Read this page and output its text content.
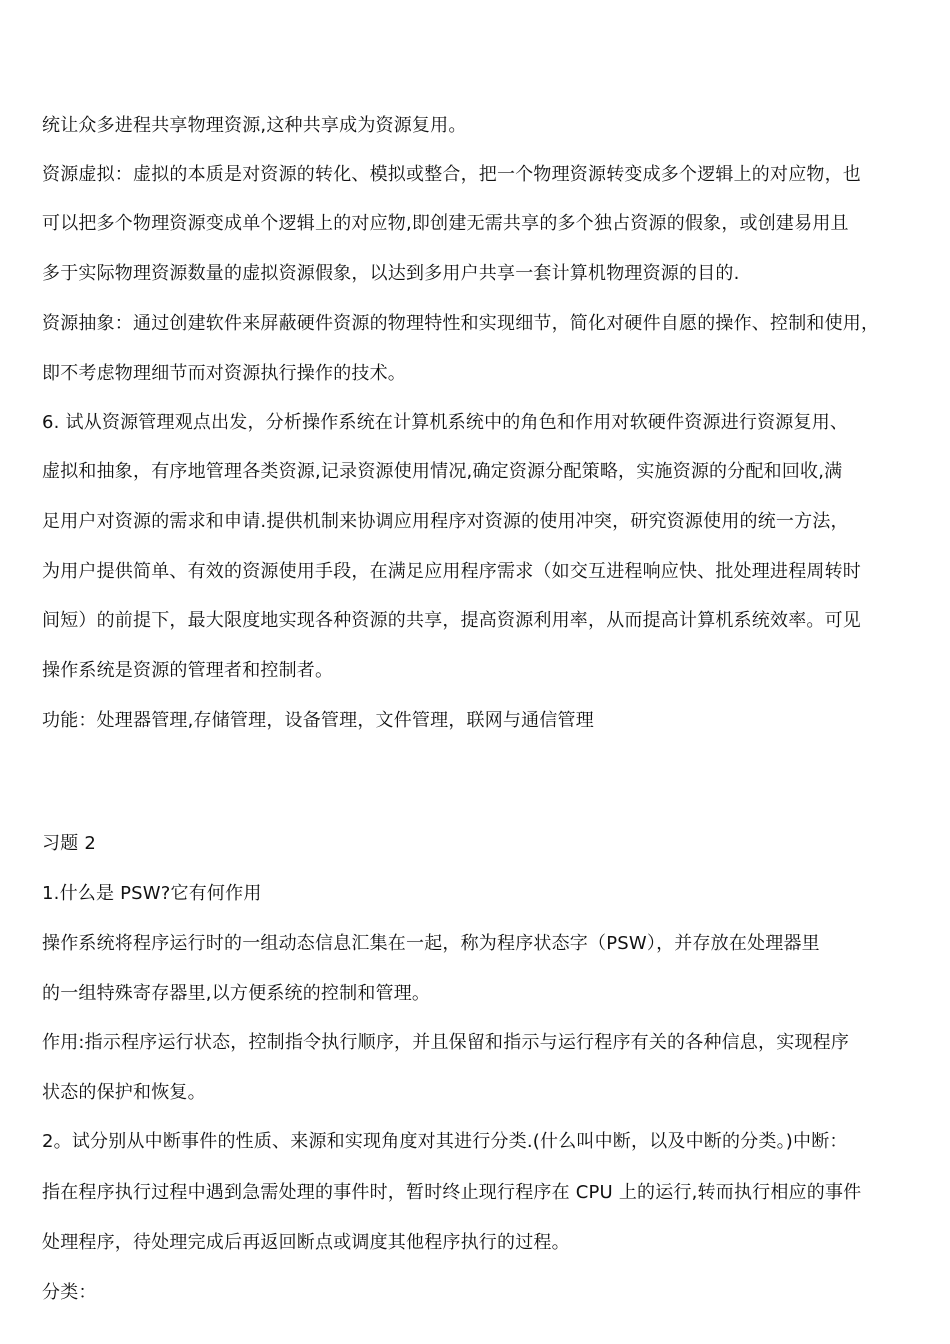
统让众多进程共享物理资源,这种共享成为资源复用。
资源虚拟：虚拟的本质是对资源的转化、模拟或整合，把一个物理资源转变成多个逻辑上的对应物，也
可以把多个物理资源变成单个逻辑上的对应物,即创建无需共享的多个独占资源的假象，或创建易用且
多于实际物理资源数量的虚拟资源假象，以达到多用户共享一套计算机物理资源的目的.
资源抽象：通过创建软件来屏蔽硬件资源的物理特性和实现细节，简化对硬件自愿的操作、控制和使用，
即不考虑物理细节而对资源执行操作的技术。
6. 试从资源管理观点出发，分析操作系统在计算机系统中的角色和作用对软硬件资源进行资源复用、
虚拟和抽象，有序地管理各类资源,记录资源使用情况,确定资源分配策略，实施资源的分配和回收,满
足用户对资源的需求和申请.提供机制来协调应用程序对资源的使用冲突，研究资源使用的统一方法，
为用户提供简单、有效的资源使用手段，在满足应用程序需求（如交互进程响应快、批处理进程周转时
间短）的前提下，最大限度地实现各种资源的共享，提高资源利用率，从而提高计算机系统效率。可见
操作系统是资源的管理者和控制者。
功能：处理器管理,存储管理，设备管理，文件管理，联网与通信管理
习题 2
1.什么是 PSW?它有何作用
操作系统将程序运行时的一组动态信息汇集在一起，称为程序状态字（PSW），并存放在处理器里
的一组特殊寄存器里,以方便系统的控制和管理。
作用:指示程序运行状态，控制指令执行顺序，并且保留和指示与运行程序有关的各种信息，实现程序
状态的保护和恢复。
2。试分别从中断事件的性质、来源和实现角度对其进行分类.(什么叫中断，以及中断的分类。)中断：
指在程序执行过程中遇到急需处理的事件时，暂时终止现行程序在 CPU 上的运行,转而执行相应的事件
处理程序，待处理完成后再返回断点或调度其他程序执行的过程。
分类：
